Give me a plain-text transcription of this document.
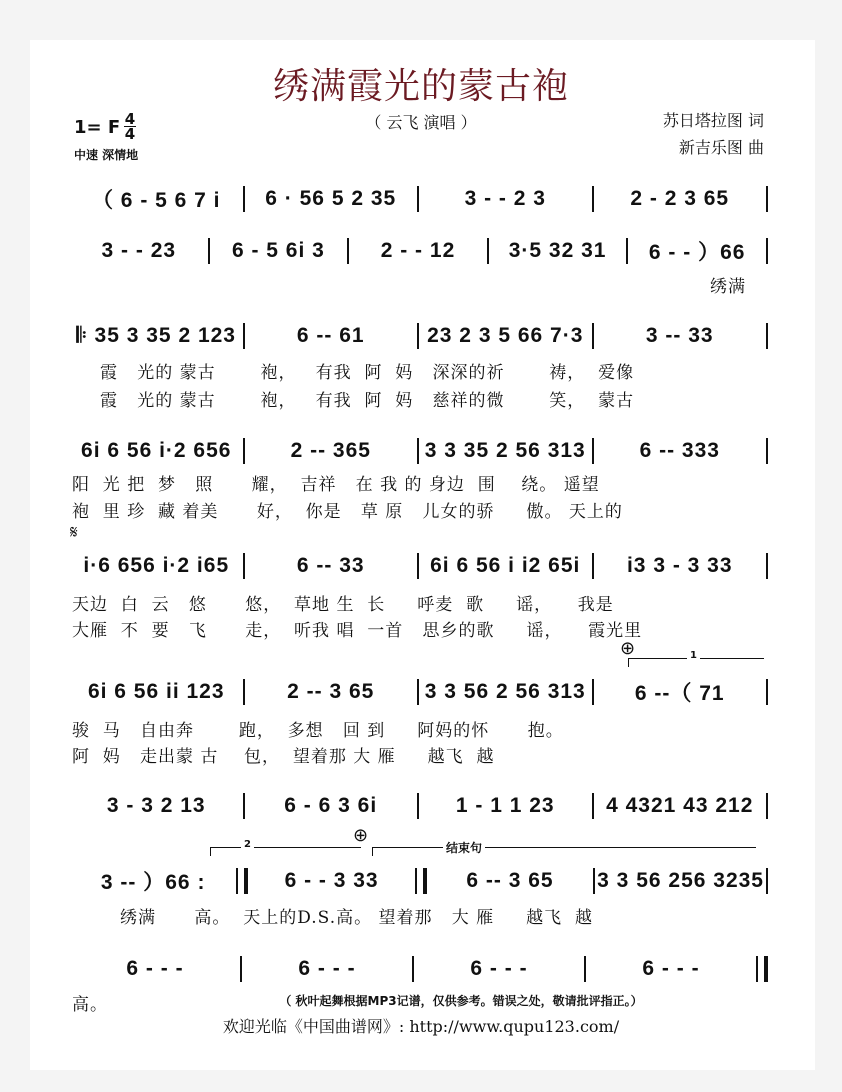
绣满霞光的蒙古袍
（ 云飞 演唱 ）	苏日塔拉图 词
新吉乐图 曲
1= F 4
4
中速 深情地
（ 6 - 5 6 7 i	6 · 56 5 2 35	3 - - 2 3	2 - 2 3 65
3 - - 23	6 - 5 6i 3	2 - - 12	3·5 32 31	6 - - ）66
𝄆 35 3 35 2 123	6 -- 61	23 2 3 5 66 7·3	3 -- 33
6i 6 56 i·2 656	2 -- 365	3 3 35 2 56 313	6 -- 333
i·6 656 i·2 i65	6 -- 33	6i 6 56 i i2 65i	i3 3 - 3 33
6i 6 56 ii 123	2 -- 3 65	3 3 56 2 56 313	6 --（ 71
3 - 3 2 13	6 - 6 3 6i	1 - 1 1 23	4 4321 43 212
3 -- ）66 :	6 - - 3 33	6 -- 3 65	3 3 56 256 3235
6 - - -	6 - - -	6 - - -	6 - - -
绣满
霞   光的 蒙古       袍，   有我  阿  妈   深深的祈       祷，  爱像
霞   光的 蒙古       袍，   有我  阿  妈   慈祥的微       笑，  蒙古
阳  光 把  梦   照      耀，  吉祥   在 我 的 身边  围    绕。 遥望
袍  里 珍  藏 着美      好，  你是   草 原   儿女的骄     傲。 天上的
天边  白  云   悠      悠，  草地 生  长     呼麦  歌     谣，    我是
大雁  不  要   飞      走，  听我 唱  一首   思乡的歌     谣，    霞光里
骏  马   自由奔       跑，  多想   回 到     阿妈的怀      抱。
阿  妈   走出蒙 古    包，  望着那 大 雁     越飞  越
绣满      高。  天上的D.S.高。 望着那   大 雁     越飞  越
高。
𝄋
⊕	1
⊕
2	结束句
（ 秋叶起舞根据MP3记谱，仅供参考。错误之处，敬请批评指正。）
欢迎光临《中国曲谱网》: http://www.qupu123.com/
